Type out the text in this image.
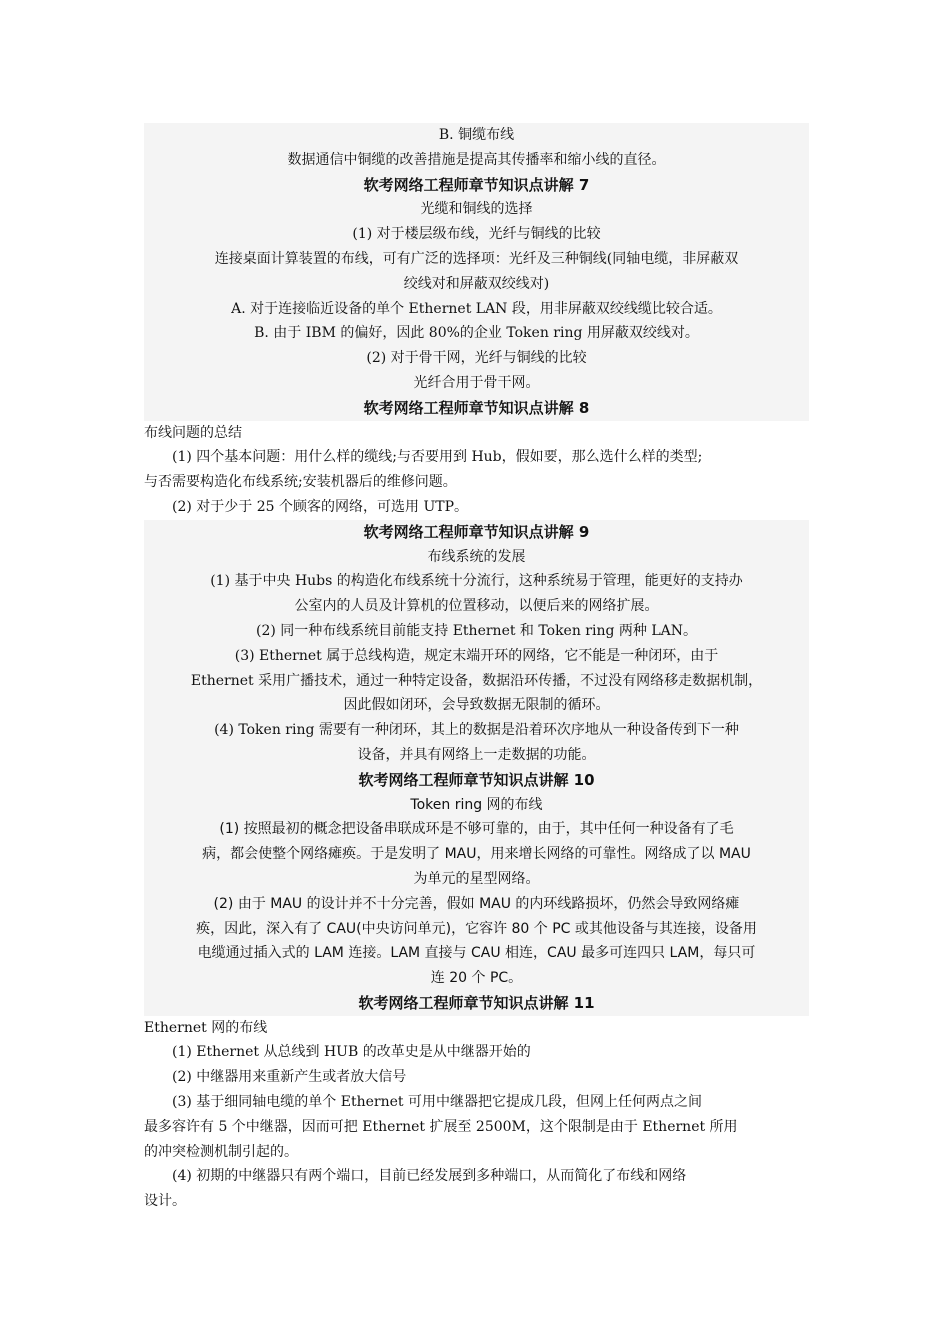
B. 铜缆布线

数据通信中铜缆的改善措施是提高其传播率和缩小线的直径。

软考网络工程师章节知识点讲解 7

光缆和铜线的选择

(1) 对于楼层级布线，光纤与铜线的比较

连接桌面计算装置的布线，可有广泛的选择项：光纤及三种铜线(同轴电缆，非屏蔽双

绞线对和屏蔽双绞线对)

A. 对于连接临近设备的单个 Ethernet LAN 段，用非屏蔽双绞线缆比较合适。

B. 由于 IBM 的偏好，因此 80%的企业 Token ring 用屏蔽双绞线对。

(2) 对于骨干网，光纤与铜线的比较

光纤合用于骨干网。

软考网络工程师章节知识点讲解 8

布线问题的总结

(1) 四个基本问题：用什么样的缆线;与否要用到 Hub，假如要，那么选什么样的类型;

与否需要构造化布线系统;安装机器后的维修问题。

(2) 对于少于 25 个顾客的网络，可选用 UTP。

软考网络工程师章节知识点讲解 9

布线系统的发展

(1) 基于中央 Hubs 的构造化布线系统十分流行，这种系统易于管理，能更好的支持办

公室内的人员及计算机的位置移动，以便后来的网络扩展。

(2) 同一种布线系统目前能支持 Ethernet 和 Token ring 两种 LAN。

(3) Ethernet 属于总线构造，规定末端开环的网络，它不能是一种闭环，由于

Ethernet 采用广播技术，通过一种特定设备，数据沿环传播，不过没有网络移走数据机制，

因此假如闭环，会导致数据无限制的循环。

(4) Token ring 需要有一种闭环，其上的数据是沿着环次序地从一种设备传到下一种

设备，并具有网络上一走数据的功能。

软考网络工程师章节知识点讲解 10

Token ring 网的布线

(1) 按照最初的概念把设备串联成环是不够可靠的，由于，其中任何一种设备有了毛

病，都会使整个网络瘫痪。于是发明了 MAU，用来增长网络的可靠性。网络成了以 MAU

为单元的星型网络。

(2) 由于 MAU 的设计并不十分完善，假如 MAU 的内环线路损坏，仍然会导致网络瘫

痪，因此，深入有了 CAU(中央访问单元)，它容许 80 个 PC 或其他设备与其连接，设备用

电缆通过插入式的 LAM 连接。LAM 直接与 CAU 相连，CAU 最多可连四只 LAM，每只可

连 20 个 PC。

软考网络工程师章节知识点讲解 11

Ethernet 网的布线

(1) Ethernet 从总线到 HUB 的改革史是从中继器开始的

(2) 中继器用来重新产生或者放大信号

(3) 基于细同轴电缆的单个 Ethernet 可用中继器把它提成几段，但网上任何两点之间

最多容许有 5 个中继器，因而可把 Ethernet 扩展至 2500M，这个限制是由于 Ethernet 所用

的冲突检测机制引起的。

(4) 初期的中继器只有两个端口，目前已经发展到多种端口，从而简化了布线和网络

设计。
